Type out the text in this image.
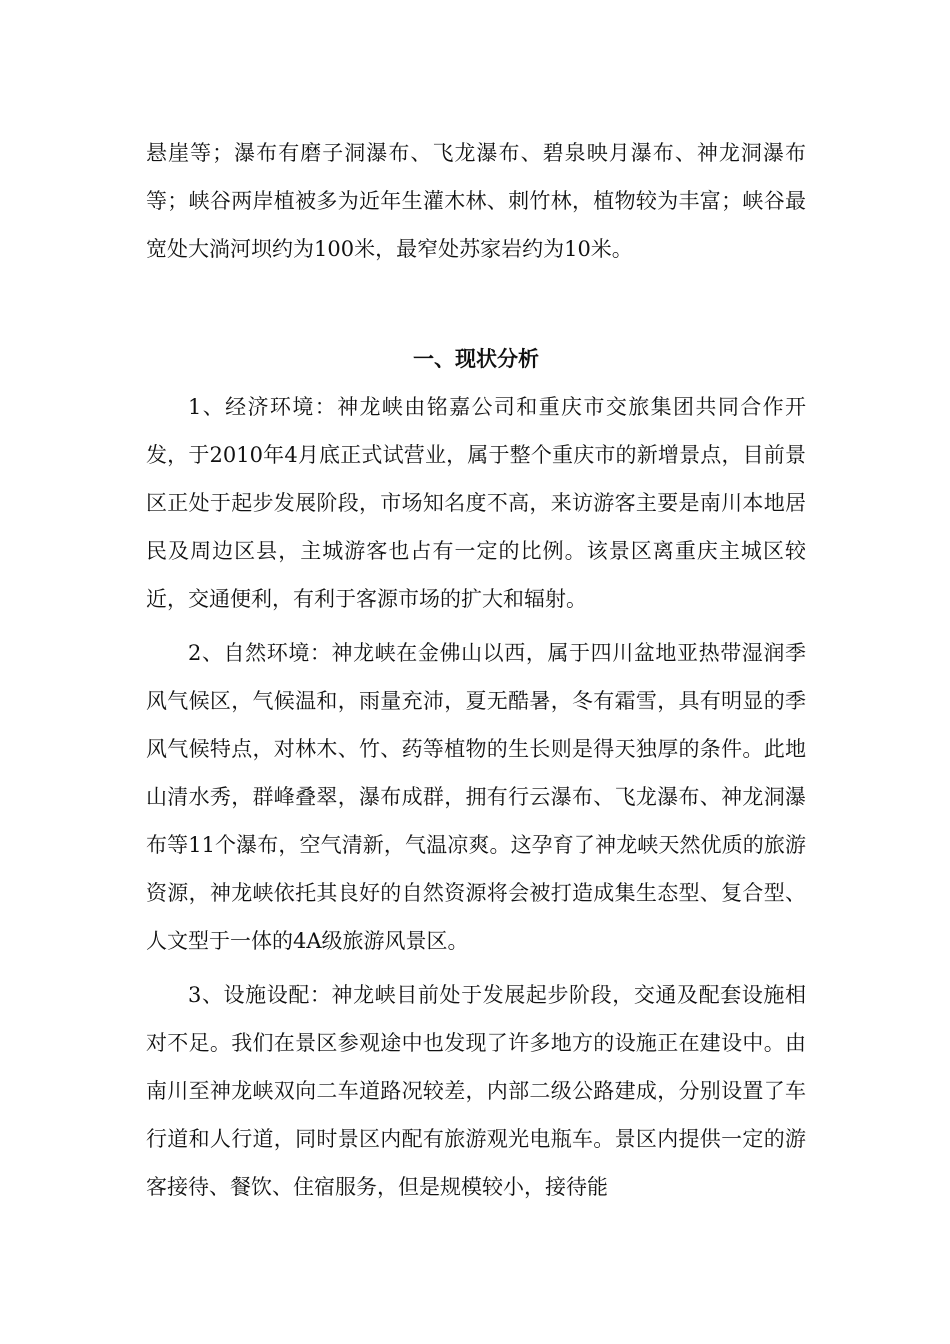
悬崖等；瀑布有磨子洞瀑布、飞龙瀑布、碧泉映月瀑布、神龙洞瀑布等；峡谷两岸植被多为近年生灌木林、刺竹林，植物较为丰富；峡谷最宽处大淌河坝约为100米，最窄处苏家岩约为10米。

一、现状分析

1、经济环境：神龙峡由铭嘉公司和重庆市交旅集团共同合作开发，于2010年4月底正式试营业，属于整个重庆市的新增景点，目前景区正处于起步发展阶段，市场知名度不高，来访游客主要是南川本地居民及周边区县，主城游客也占有一定的比例。该景区离重庆主城区较近，交通便利，有利于客源市场的扩大和辐射。

2、自然环境：神龙峡在金佛山以西，属于四川盆地亚热带湿润季风气候区，气候温和，雨量充沛，夏无酷暑，冬有霜雪，具有明显的季风气候特点，对林木、竹、药等植物的生长则是得天独厚的条件。此地山清水秀，群峰叠翠，瀑布成群，拥有行云瀑布、飞龙瀑布、神龙洞瀑布等11个瀑布，空气清新，气温凉爽。这孕育了神龙峡天然优质的旅游资源，神龙峡依托其良好的自然资源将会被打造成集生态型、复合型、人文型于一体的4A级旅游风景区。

3、设施设配：神龙峡目前处于发展起步阶段，交通及配套设施相对不足。我们在景区参观途中也发现了许多地方的设施正在建设中。由南川至神龙峡双向二车道路况较差，内部二级公路建成，分别设置了车行道和人行道，同时景区内配有旅游观光电瓶车。景区内提供一定的游客接待、餐饮、住宿服务，但是规模较小，接待能
